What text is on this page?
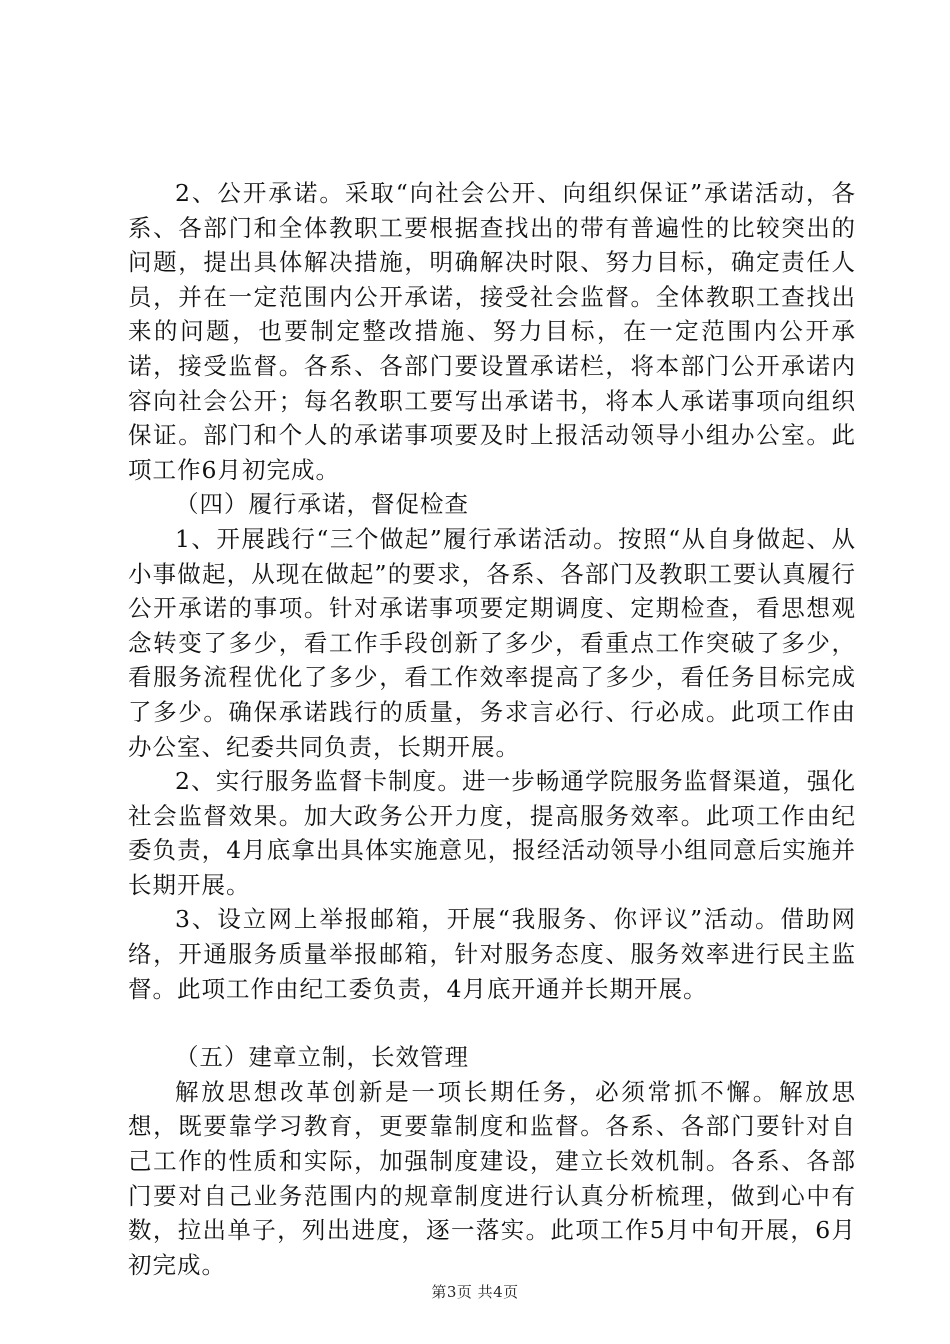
2、公开承诺。采取“向社会公开、向组织保证”承诺活动，各系、各部门和全体教职工要根据查找出的带有普遍性的比较突出的问题，提出具体解决措施，明确解决时限、努力目标，确定责任人员，并在一定范围内公开承诺，接受社会监督。全体教职工查找出来的问题，也要制定整改措施、努力目标，在一定范围内公开承诺，接受监督。各系、各部门要设置承诺栏，将本部门公开承诺内容向社会公开；每名教职工要写出承诺书，将本人承诺事项向组织保证。部门和个人的承诺事项要及时上报活动领导小组办公室。此项工作6月初完成。

（四）履行承诺，督促检查

1、开展践行“三个做起”履行承诺活动。按照“从自身做起、从小事做起，从现在做起”的要求，各系、各部门及教职工要认真履行公开承诺的事项。针对承诺事项要定期调度、定期检查，看思想观念转变了多少，看工作手段创新了多少，看重点工作突破了多少，看服务流程优化了多少，看工作效率提高了多少，看任务目标完成了多少。确保承诺践行的质量，务求言必行、行必成。此项工作由办公室、纪委共同负责，长期开展。

2、实行服务监督卡制度。进一步畅通学院服务监督渠道，强化社会监督效果。加大政务公开力度，提高服务效率。此项工作由纪委负责，4月底拿出具体实施意见，报经活动领导小组同意后实施并长期开展。

3、设立网上举报邮箱，开展“我服务、你评议”活动。借助网络，开通服务质量举报邮箱，针对服务态度、服务效率进行民主监督。此项工作由纪工委负责，4月底开通并长期开展。

（五）建章立制，长效管理

解放思想改革创新是一项长期任务，必须常抓不懈。解放思想，既要靠学习教育，更要靠制度和监督。各系、各部门要针对自己工作的性质和实际，加强制度建设，建立长效机制。各系、各部门要对自己业务范围内的规章制度进行认真分析梳理，做到心中有数，拉出单子，列出进度，逐一落实。此项工作5月中旬开展，6月初完成。

第3页 共4页
